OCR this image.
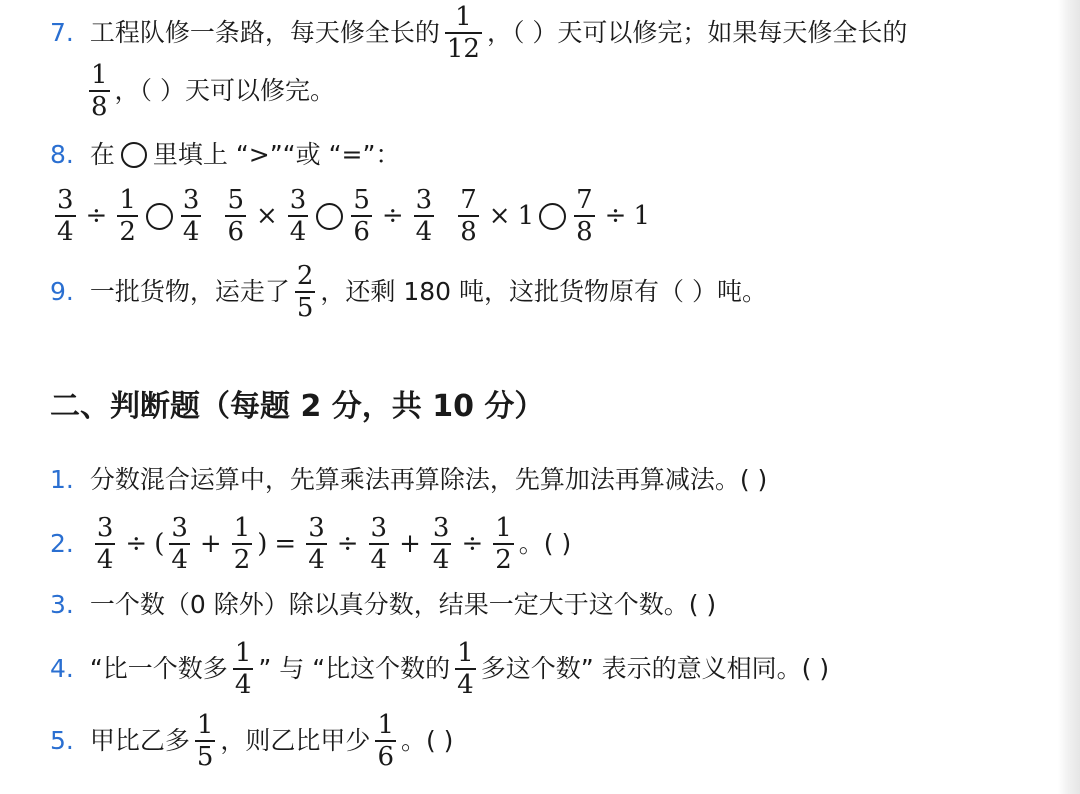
7. 工程队修一条路，每天修全长的 $\frac{1}{12}$ ，（ ）天可以修完；如果每天修全长的
$\frac{1}{8}$ ，（ ）天可以修完。
8. 在 里填上 “>”“或 “=”：
$\frac{3}{4} \div \frac{1}{2} \frac{3}{4} \frac{5}{6} \times \frac{3}{4} \frac{5}{6} \div \frac{3}{4} \frac{7}{8} \times 1 \frac{7}{8} \div 1$
9. 一批货物，运走了 $\frac{2}{5}$ ，还剩 180 吨，这批货物原有（ ）吨。
二、判断题（每题 2 分，共 10 分）
1. 分数混合运算中，先算乘法再算除法，先算加法再算减法。( )
2. $\frac{3}{4}$ ÷ ( $\frac{3}{4} + \frac{1}{2}$ ) = $\frac{3}{4} \div \frac{3}{4} + \frac{3}{4} \div \frac{1}{2}$ 。( )
3. 一个数（0 除外）除以真分数，结果一定大于这个数。( )
4. “比一个数多 $\frac{1}{4}$ ” 与 “比这个数的 $\frac{1}{4}$ 多这个数” 表示的意义相同。( )
5. 甲比乙多 $\frac{1}{5}$ ，则乙比甲少 $\frac{1}{6}$ 。( )
